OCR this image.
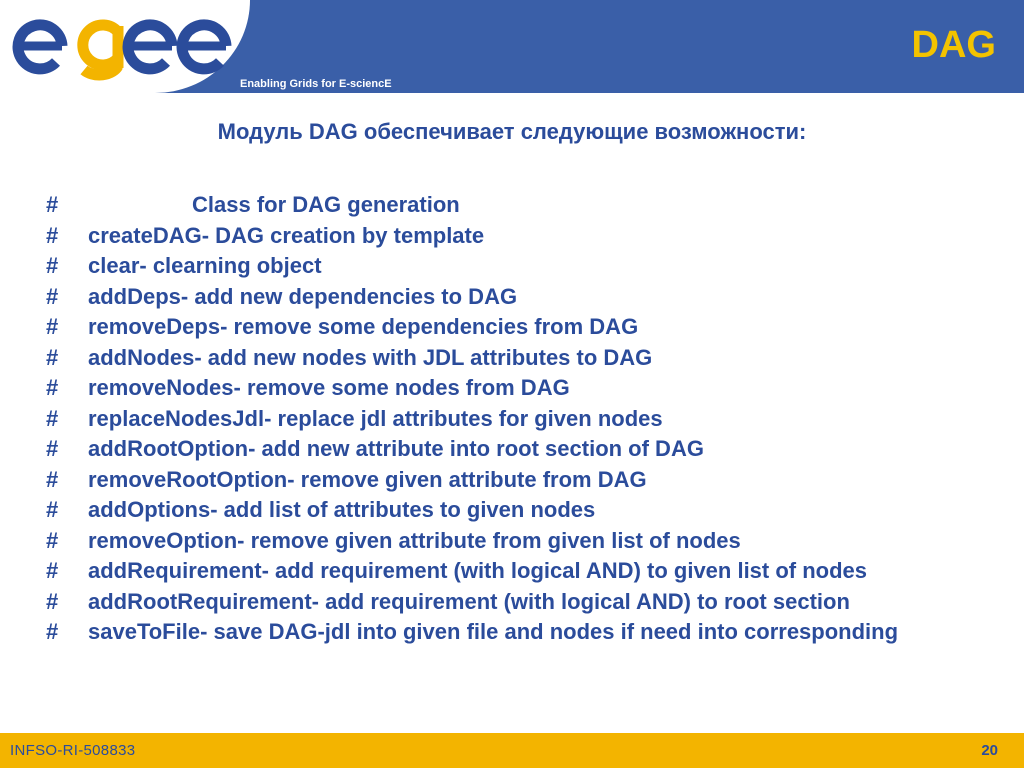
Enabling Grids for E-sciencE
DAG
Модуль DAG обеспечивает следующие возможности:
#	Class for DAG generation
# createDAG- DAG creation by template
# clear- clearning object
# addDeps- add new dependencies to DAG
# removeDeps- remove some dependencies from DAG
# addNodes- add new nodes with JDL attributes to DAG
# removeNodes- remove some nodes from DAG
# replaceNodesJdl- replace jdl attributes for given nodes
# addRootOption- add new attribute into root section of DAG
# removeRootOption- remove given attribute from DAG
# addOptions- add list of attributes to given nodes
# removeOption- remove given attribute from given list of nodes
# addRequirement- add requirement (with logical AND) to given list of nodes
# addRootRequirement- add requirement (with logical AND) to root section
# saveToFile- save DAG-jdl into given file and nodes if need into corresponding
INFSO-RI-508833	20
